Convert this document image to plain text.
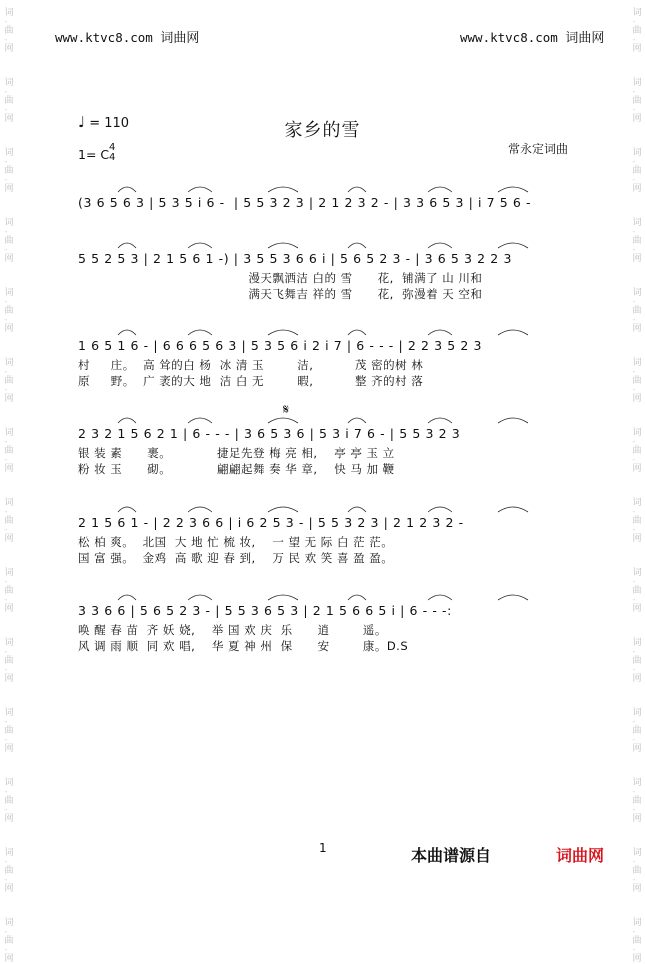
www.ktvc8.com 词曲网	www.ktvc8.com 词曲网
词
-
曲
-
网
词
-
曲
-
网
词
-
曲
-
网
词
-
曲
-
网
词
-
曲
-
网
词
-
曲
-
网
词
-
曲
-
网
词
-
曲
-
网
词
-
曲
-
网
词
-
曲
-
网
词
-
曲
-
网
词
-
曲
-
网
词
-
曲
-
网
词
-
曲
-
网
词
-
曲
-
网
词
-
曲
-
网
词
-
曲
-
网
词
-
曲
-
网
词
-
曲
-
网
词
-
曲
-
网
词
-
曲
-
网
词
-
曲
-
网
词
-
曲
-
网
词
-
曲
-
网
词
-
曲
-
网
词
-
曲
-
网
词
-
曲
-
网
词
-
曲
-
网
♩ = 110
1= C 4
4
家乡的雪
常永定词曲
(3 6 5 6 3 | 5 3 5 i 6 -  | 5 5 3 2 3 | 2 1 2 3 2 - | 3 3 6 5 3 | i 7 5 6 -
5 5 2 5 3 | 2 1 5 6 1 -) | 3 5 5 3 6 6 i | 5 6 5 2 3 - | 3 6 5 3 2 2 3
漫天飘洒洁 白的 雪      花,  铺满了 山 川和
满天飞舞吉 祥的 雪      花,  弥漫着 天 空和
1 6 5 1 6 - | 6 6 6 5 6 3 | 5 3 5 6 i 2 i 7 | 6 - - - | 2 2 3 5 2 3
村     庄。  高 耸的白 杨  冰 清 玉        洁,          茂 密的树 林
原     野。  广 袤的大 地  洁 白 无        暇,          整 齐的村 落
2 3 2 1 5 6 2 1 | 6 - - - | 3 6 5 3 6 | 5 3 i 7 6 - | 5 5 3 2 3
银 装 素      裹。           捷足先登 梅 亮 相,    亭 亭 玉 立
粉 妆 玉      砌。           翩翩起舞 奏 华 章,    快 马 加 鞭
2 1 5 6 1 - | 2 2 3 6 6 | i 6 2 5 3 - | 5 5 3 2 3 | 2 1 2 3 2 -
松 柏 爽。  北国  大 地 忙 梳 妆,    一 望 无 际 白 茫 茫。
国 富 强。  金鸡  高 歌 迎 春 到,    万 民 欢 笑 喜 盈 盈。
3 3 6 6 | 5 6 5 2 3 - | 5 5 3 6 5 3 | 2 1 5 6 6 5 i | 6 - - -:
唤 醒 春 苗  齐 妖 娆,    举 国 欢 庆  乐      逍        遥。
风 调 雨 顺  同 欢 唱,    华 夏 神 州  保      安        康。D.S
𝄋
1	本曲谱源自	词曲网
